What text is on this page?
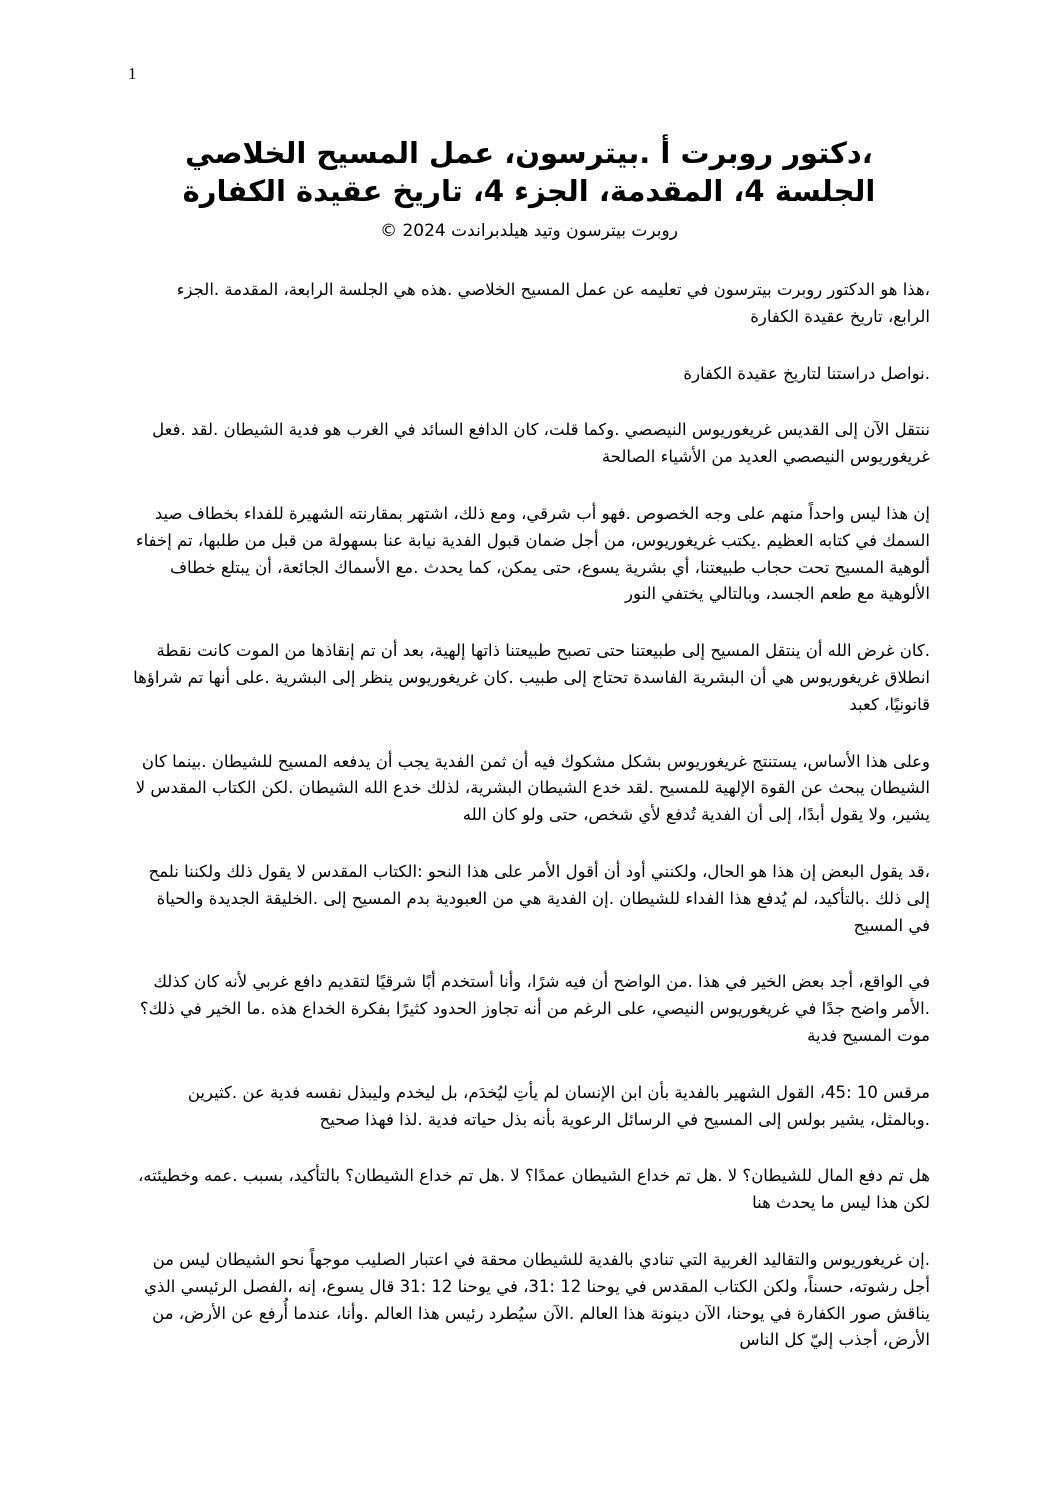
1
،دكتور روبرت أ .بيترسون، عمل المسيح الخلاصي
الجلسة 4، المقدمة، الجزء 4، تاريخ عقيدة الكفارة
روبرت بيترسون وتيد هيلدبراندت 2024 ©

،هذا هو الدكتور روبرت بيترسون في تعليمه عن عمل المسيح الخلاصي .هذه هي الجلسة الرابعة، المقدمة .الجزء الرابع، تاريخ عقيدة الكفارة

.نواصل دراستنا لتاريخ عقيدة الكفارة

ننتقل الآن إلى القديس غريغوريوس النيصصي .وكما قلت، كان الدافع السائد في الغرب هو فدية الشيطان .لقد .فعل غريغوريوس النيصصي العديد من الأشياء الصالحة

إن هذا ليس واحداً منهم على وجه الخصوص .فهو أب شرقي، ومع ذلك، اشتهر بمقارنته الشهيرة للفداء بخطاف صيد السمك في كتابه العظيم .يكتب غريغوريوس، من أجل ضمان قبول الفدية نيابة عنا بسهولة من قبل من طلبها، تم إخفاء ألوهية المسيح تحت حجاب طبيعتنا، أي بشرية يسوع، حتى يمكن، كما يحدث .مع الأسماك الجائعة، أن يبتلع خطاف الألوهية مع طعم الجسد، وبالتالي يختفي النور

.كان غرض الله أن ينتقل المسيح إلى طبيعتنا حتى تصبح طبيعتنا ذاتها إلهية، بعد أن تم إنقاذها من الموت كانت نقطة انطلاق غريغوريوس هي أن البشرية الفاسدة تحتاج إلى طبيب .كان غريغوريوس ينظر إلى البشرية .على أنها تم شراؤها قانونيًا، كعبد

وعلى هذا الأساس، يستنتج غريغوريوس بشكل مشكوك فيه أن ثمن الفدية يجب أن يدفعه المسيح للشيطان .بينما كان الشيطان يبحث عن القوة الإلهية للمسيح .لقد خدع الشيطان البشرية، لذلك خدع الله الشيطان .لكن الكتاب المقدس لا يشير، ولا يقول أبدًا، إلى أن الفدية تُدفع لأي شخص، حتى ولو كان الله

،قد يقول البعض إن هذا هو الحال، ولكنني أود أن أقول الأمر على هذا النحو :الكتاب المقدس لا يقول ذلك ولكننا نلمح إلى ذلك .بالتأكيد، لم يُدفع هذا الفداء للشيطان .إن الفدية هي من العبودية بدم المسيح إلى .الخليقة الجديدة والحياة في المسيح

في الواقع، أجد بعض الخير في هذا .من الواضح أن فيه شرًا، وأنا أستخدم أبًا شرقيًا لتقديم دافع غربي لأنه كان كذلك .الأمر واضح جدًا في غريغوريوس النيصي، على الرغم من أنه تجاوز الحدود كثيرًا بفكرة الخداع هذه .ما الخير في ذلك؟ موت المسيح فدية

مرقس 10 :45، القول الشهير بالفدية بأن ابن الإنسان لم يأتِ ليُخدَم، بل ليخدم وليبذل نفسه فدية عن .كثيرين .وبالمثل، يشير بولس إلى المسيح في الرسائل الرعوية بأنه بذل حياته فدية .لذا فهذا صحيح

هل تم دفع المال للشيطان؟ لا .هل تم خداع الشيطان عمدًا؟ لا .هل تم خداع الشيطان؟ بالتأكيد، بسبب .عمه وخطيئته، لكن هذا ليس ما يحدث هنا

.إن غريغوريوس والتقاليد الغربية التي تنادي بالفدية للشيطان محقة في اعتبار الصليب موجهاً نحو الشيطان ليس من أجل رشوته، حسناً، ولكن الكتاب المقدس في يوحنا 12 :31، في يوحنا 12 :31 قال يسوع، إنه ،الفصل الرئيسي الذي يناقش صور الكفارة في يوحنا، الآن دينونة هذا العالم .الآن سيُطرد رئيس هذا العالم .وأنا، عندما أُرفع عن الأرض، من الأرض، أجذب إليّ كل الناس
